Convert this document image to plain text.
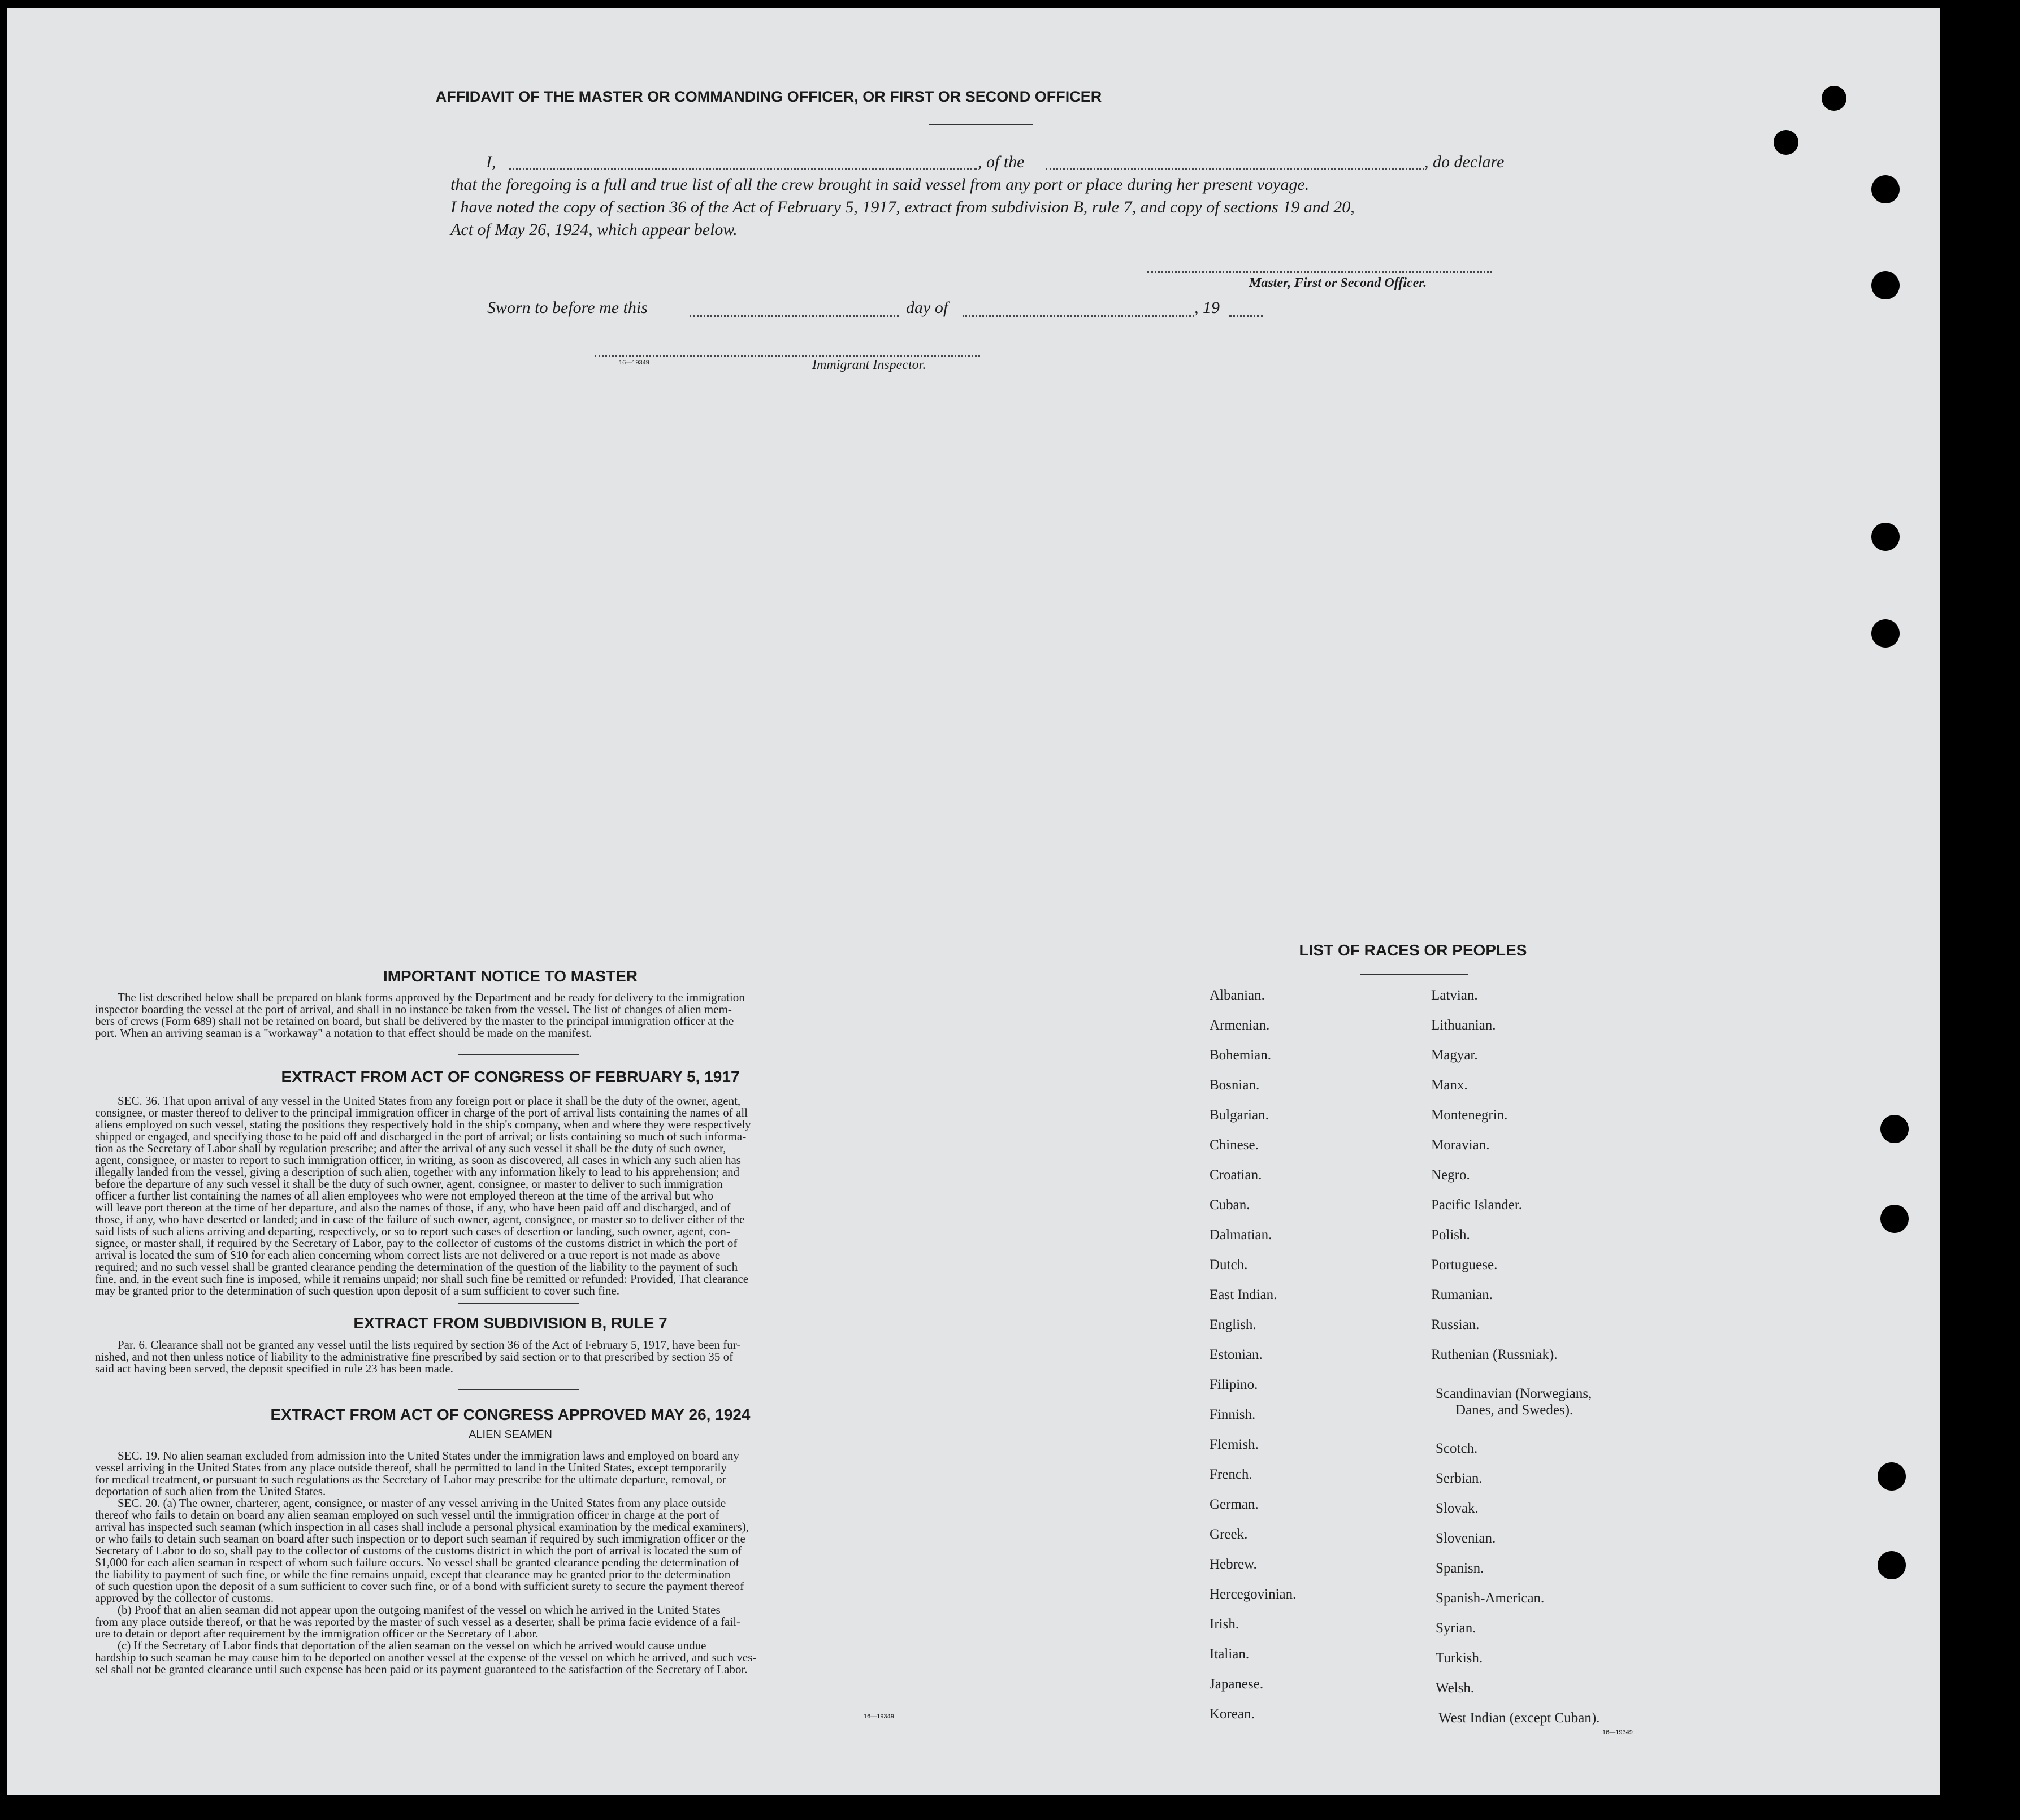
AFFIDAVIT OF THE MASTER OR COMMANDING OFFICER, OR FIRST OR SECOND OFFICER
I,	, of the	, do declare
that the foregoing is a full and true list of all the crew brought in said vessel from any port or place during her present voyage.
I have noted the copy of section 36 of the Act of February 5, 1917, extract from subdivision B, rule 7, and copy of sections 19 and 20,
Act of May 26, 1924, which appear below.
Master, First or Second Officer.
Sworn to before me this	day of	, 19
16—19349	Immigrant Inspector.
IMPORTANT NOTICE TO MASTER
The list described below shall be prepared on blank forms approved by the Department and be ready for delivery to the immigration
inspector boarding the vessel at the port of arrival, and shall in no instance be taken from the vessel. The list of changes of alien mem-
bers of crews (Form 689) shall not be retained on board, but shall be delivered by the master to the principal immigration officer at the
port. When an arriving seaman is a "workaway" a notation to that effect should be made on the manifest.
EXTRACT FROM ACT OF CONGRESS OF FEBRUARY 5, 1917
SEC. 36. That upon arrival of any vessel in the United States from any foreign port or place it shall be the duty of the owner, agent,
consignee, or master thereof to deliver to the principal immigration officer in charge of the port of arrival lists containing the names of all
aliens employed on such vessel, stating the positions they respectively hold in the ship's company, when and where they were respectively
shipped or engaged, and specifying those to be paid off and discharged in the port of arrival; or lists containing so much of such informa-
tion as the Secretary of Labor shall by regulation prescribe; and after the arrival of any such vessel it shall be the duty of such owner,
agent, consignee, or master to report to such immigration officer, in writing, as soon as discovered, all cases in which any such alien has
illegally landed from the vessel, giving a description of such alien, together with any information likely to lead to his apprehension; and
before the departure of any such vessel it shall be the duty of such owner, agent, consignee, or master to deliver to such immigration
officer a further list containing the names of all alien employees who were not employed thereon at the time of the arrival but who
will leave port thereon at the time of her departure, and also the names of those, if any, who have been paid off and discharged, and of
those, if any, who have deserted or landed; and in case of the failure of such owner, agent, consignee, or master so to deliver either of the
said lists of such aliens arriving and departing, respectively, or so to report such cases of desertion or landing, such owner, agent, con-
signee, or master shall, if required by the Secretary of Labor, pay to the collector of customs of the customs district in which the port of
arrival is located the sum of $10 for each alien concerning whom correct lists are not delivered or a true report is not made as above
required; and no such vessel shall be granted clearance pending the determination of the question of the liability to the payment of such
fine, and, in the event such fine is imposed, while it remains unpaid; nor shall such fine be remitted or refunded: Provided, That clearance
may be granted prior to the determination of such question upon deposit of a sum sufficient to cover such fine.
EXTRACT FROM SUBDIVISION B, RULE 7
Par. 6. Clearance shall not be granted any vessel until the lists required by section 36 of the Act of February 5, 1917, have been fur-
nished, and not then unless notice of liability to the administrative fine prescribed by said section or to that prescribed by section 35 of
said act having been served, the deposit specified in rule 23 has been made.
EXTRACT FROM ACT OF CONGRESS APPROVED MAY 26, 1924
ALIEN SEAMEN
SEC. 19. No alien seaman excluded from admission into the United States under the immigration laws and employed on board any
vessel arriving in the United States from any place outside thereof, shall be permitted to land in the United States, except temporarily
for medical treatment, or pursuant to such regulations as the Secretary of Labor may prescribe for the ultimate departure, removal, or
deportation of such alien from the United States.
SEC. 20. (a) The owner, charterer, agent, consignee, or master of any vessel arriving in the United States from any place outside
thereof who fails to detain on board any alien seaman employed on such vessel until the immigration officer in charge at the port of
arrival has inspected such seaman (which inspection in all cases shall include a personal physical examination by the medical examiners),
or who fails to detain such seaman on board after such inspection or to deport such seaman if required by such immigration officer or the
Secretary of Labor to do so, shall pay to the collector of customs of the customs district in which the port of arrival is located the sum of
$1,000 for each alien seaman in respect of whom such failure occurs. No vessel shall be granted clearance pending the determination of
the liability to payment of such fine, or while the fine remains unpaid, except that clearance may be granted prior to the determination
of such question upon the deposit of a sum sufficient to cover such fine, or of a bond with sufficient surety to secure the payment thereof
approved by the collector of customs.
(b) Proof that an alien seaman did not appear upon the outgoing manifest of the vessel on which he arrived in the United States
from any place outside thereof, or that he was reported by the master of such vessel as a deserter, shall be prima facie evidence of a fail-
ure to detain or deport after requirement by the immigration officer or the Secretary of Labor.
(c) If the Secretary of Labor finds that deportation of the alien seaman on the vessel on which he arrived would cause undue
hardship to such seaman he may cause him to be deported on another vessel at the expense of the vessel on which he arrived, and such ves-
sel shall not be granted clearance until such expense has been paid or its payment guaranteed to the satisfaction of the Secretary of Labor.
16—19349
LIST OF RACES OR PEOPLES
Albanian.
Armenian.
Bohemian.
Bosnian.
Bulgarian.
Chinese.
Croatian.
Cuban.
Dalmatian.
Dutch.
East Indian.
English.
Estonian.
Filipino.
Finnish.
Flemish.
French.
German.
Greek.
Hebrew.
Hercegovinian.
Irish.
Italian.
Japanese.
Korean.
Latvian.
Lithuanian.
Magyar.
Manx.
Montenegrin.
Moravian.
Negro.
Pacific Islander.
Polish.
Portuguese.
Rumanian.
Russian.
Ruthenian (Russniak).
Scandinavian (Norwegians,
Danes, and Swedes).
Scotch.
Serbian.
Slovak.
Slovenian.
Spanisn.
Spanish-American.
Syrian.
Turkish.
Welsh.
West Indian (except Cuban).
16—19349
